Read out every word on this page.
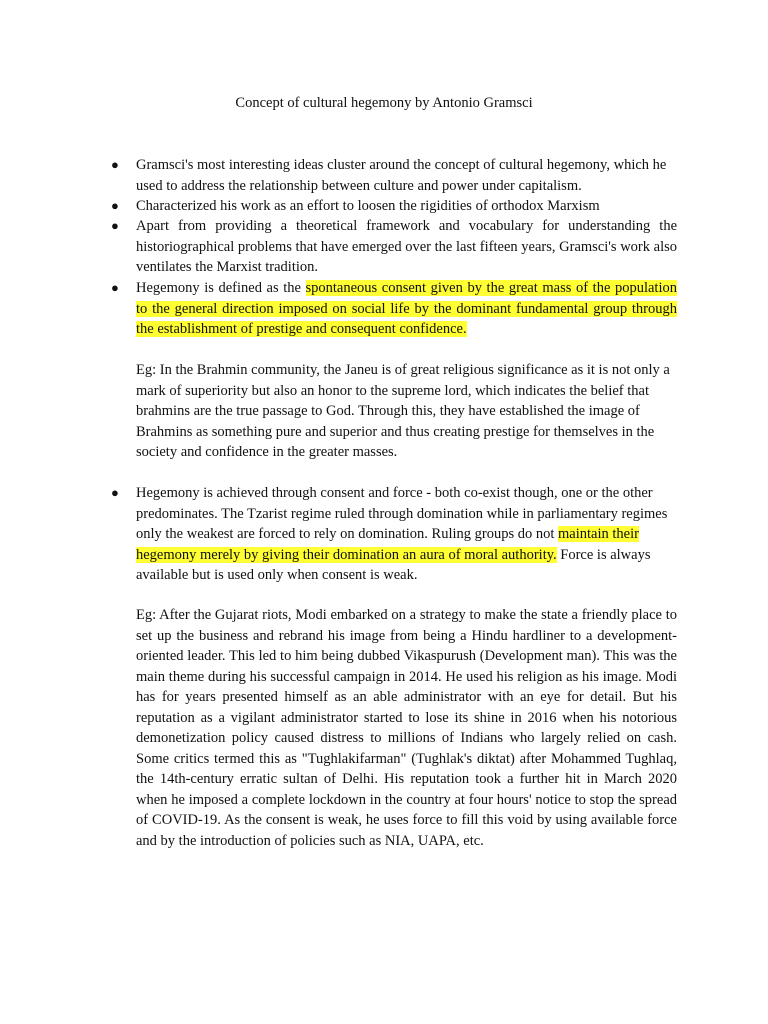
Concept of cultural hegemony by Antonio Gramsci
● Gramsci's most interesting ideas cluster around the concept of cultural hegemony, which he used to address the relationship between culture and power under capitalism.

● Characterized his work as an effort to loosen the rigidities of orthodox Marxism

● Apart from providing a theoretical framework and vocabulary for understanding the historiographical problems that have emerged over the last fifteen years, Gramsci's work also ventilates the Marxist tradition.

● Hegemony is defined as the spontaneous consent given by the great mass of the population to the general direction imposed on social life by the dominant fundamental group through the establishment of prestige and consequent confidence.

Eg: In the Brahmin community, the Janeu is of great religious significance as it is not only a mark of superiority but also an honor to the supreme lord, which indicates the belief that brahmins are the true passage to God. Through this, they have established the image of Brahmins as something pure and superior and thus creating prestige for themselves in the society and confidence in the greater masses.

● Hegemony is achieved through consent and force - both co-exist though, one or the other predominates. The Tzarist regime ruled through domination while in parliamentary regimes only the weakest are forced to rely on domination. Ruling groups do not maintain their hegemony merely by giving their domination an aura of moral authority. Force is always available but is used only when consent is weak.

Eg: After the Gujarat riots, Modi embarked on a strategy to make the state a friendly place to set up the business and rebrand his image from being a Hindu hardliner to a development-oriented leader. This led to him being dubbed Vikaspurush (Development man). This was the main theme during his successful campaign in 2014. He used his religion as his image. Modi has for years presented himself as an able administrator with an eye for detail. But his reputation as a vigilant administrator started to lose its shine in 2016 when his notorious demonetization policy caused distress to millions of Indians who largely relied on cash. Some critics termed this as "Tughlakifarman" (Tughlak's diktat) after Mohammed Tughlaq, the 14th-century erratic sultan of Delhi. His reputation took a further hit in March 2020 when he imposed a complete lockdown in the country at four hours' notice to stop the spread of COVID-19. As the consent is weak, he uses force to fill this void by using available force and by the introduction of policies such as NIA, UAPA, etc.
